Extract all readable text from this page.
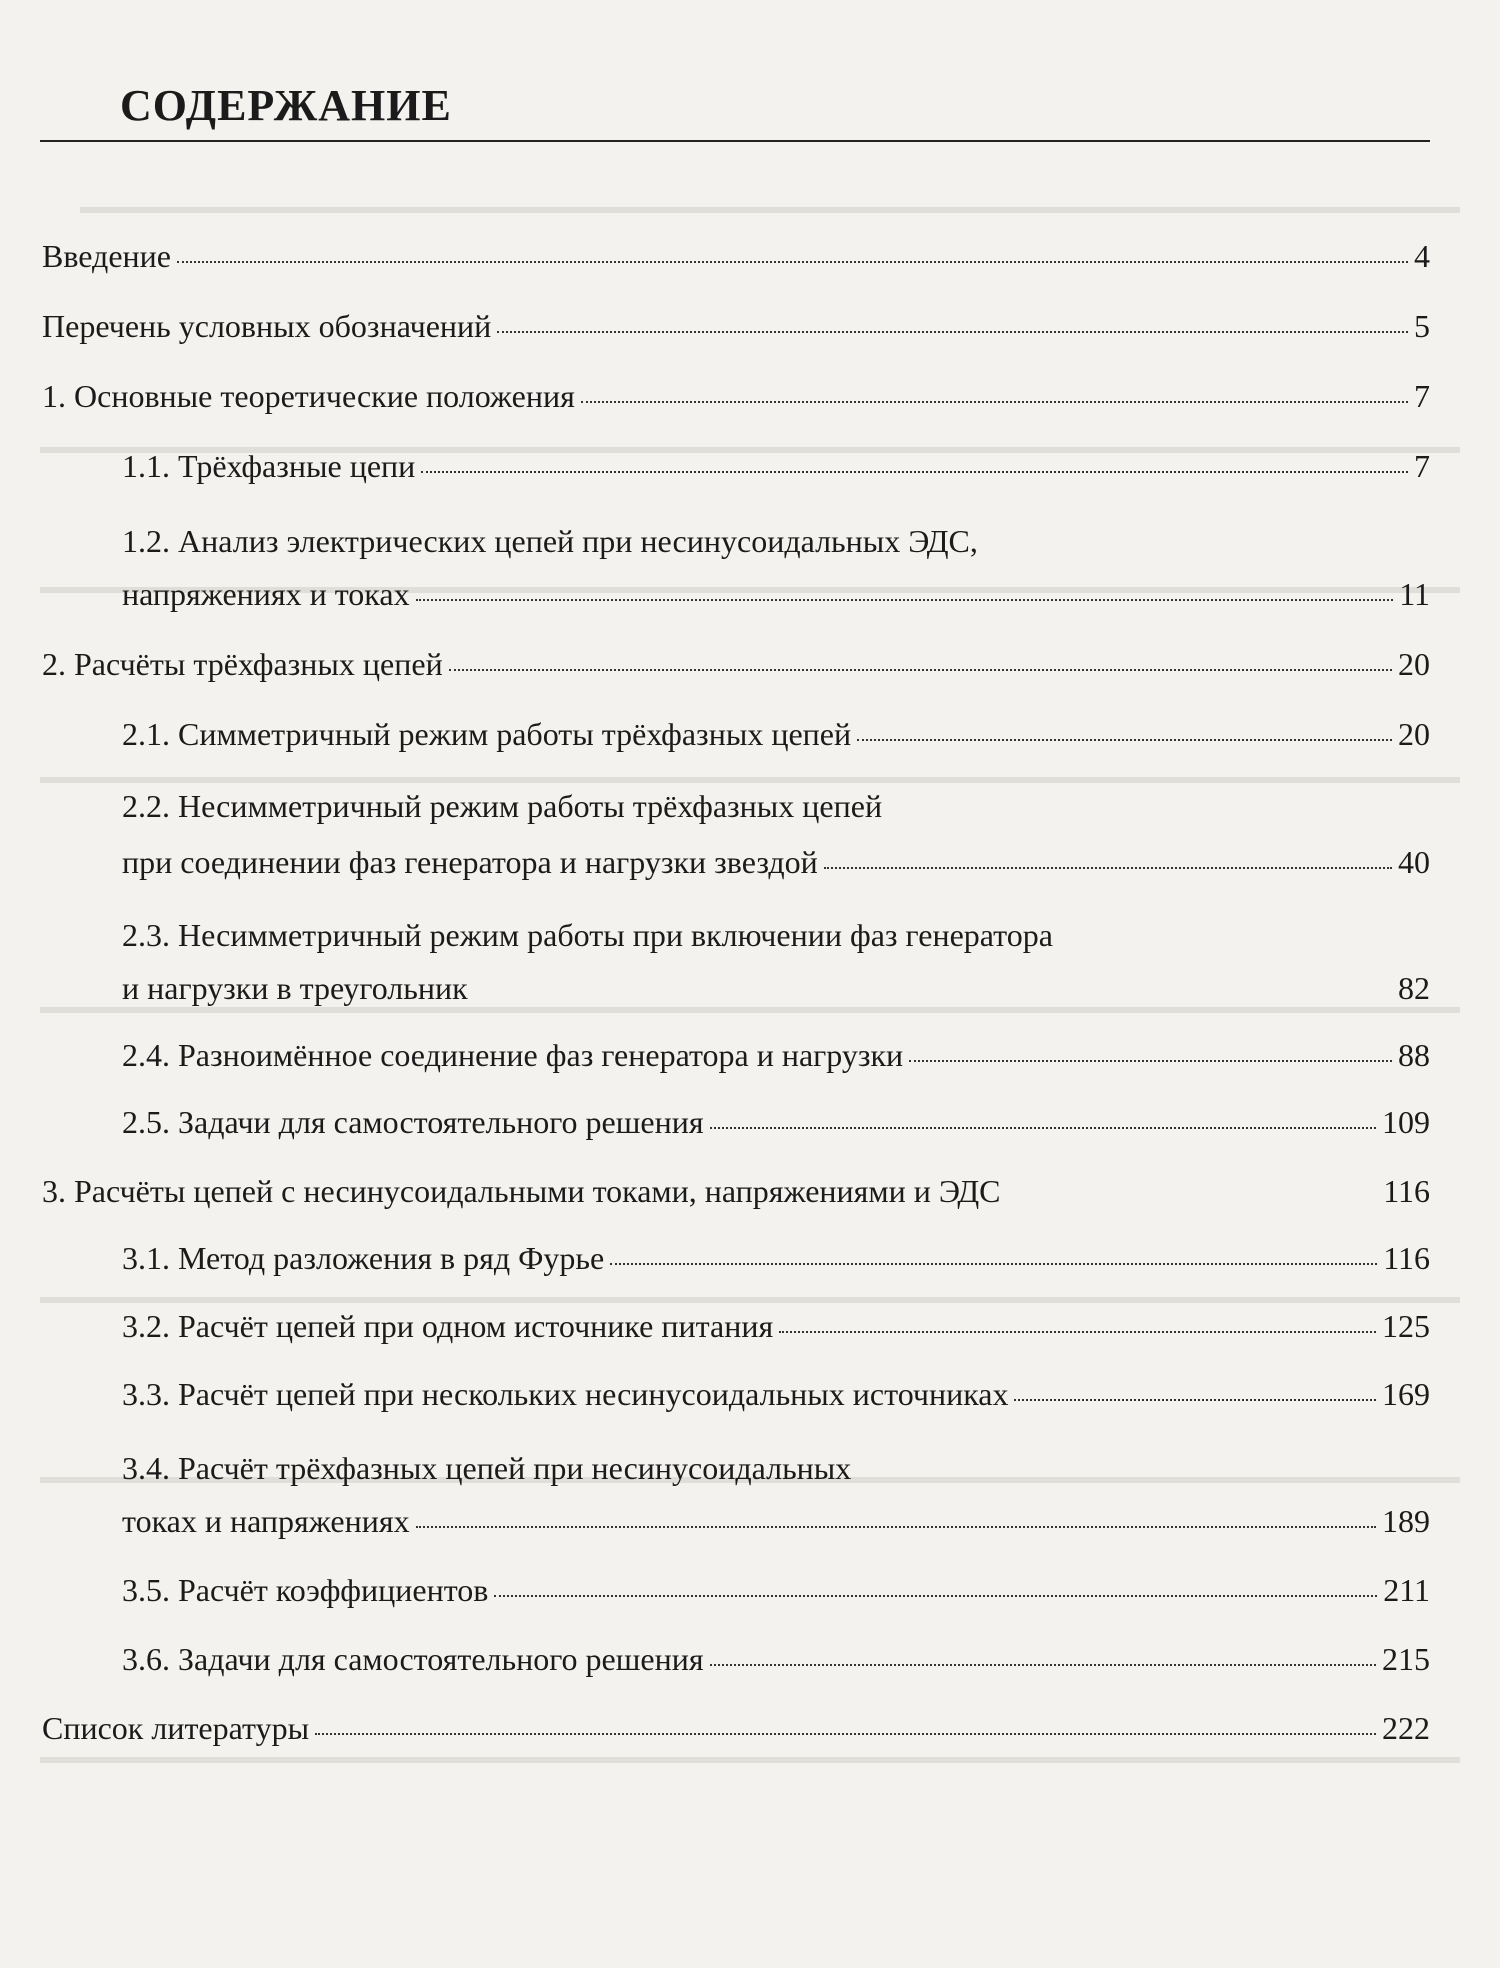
СОДЕРЖАНИЕ
Введение	4
Перечень условных обозначений	5
1. Основные теоретические положения	7
1.1. Трёхфазные цепи	7
1.2. Анализ электрических цепей при несинусоидальных ЭДС,
напряжениях и токах	11
2. Расчёты трёхфазных цепей	20
2.1. Симметричный режим работы трёхфазных цепей	20
2.2. Несимметричный режим работы трёхфазных цепей
при соединении фаз генератора и нагрузки звездой	40
2.3. Несимметричный режим работы при включении фаз генератора
и нагрузки в треугольник	82
2.4. Разноимённое соединение фаз генератора и нагрузки	88
2.5. Задачи для самостоятельного решения	109
3. Расчёты цепей с несинусоидальными токами, напряжениями и ЭДС	116
3.1. Метод разложения в ряд Фурье	116
3.2. Расчёт цепей при одном источнике питания	125
3.3. Расчёт цепей при нескольких несинусоидальных источниках	169
3.4. Расчёт трёхфазных цепей при несинусоидальных
токах и напряжениях	189
3.5. Расчёт коэффициентов	211
3.6. Задачи для самостоятельного решения	215
Список литературы	222
